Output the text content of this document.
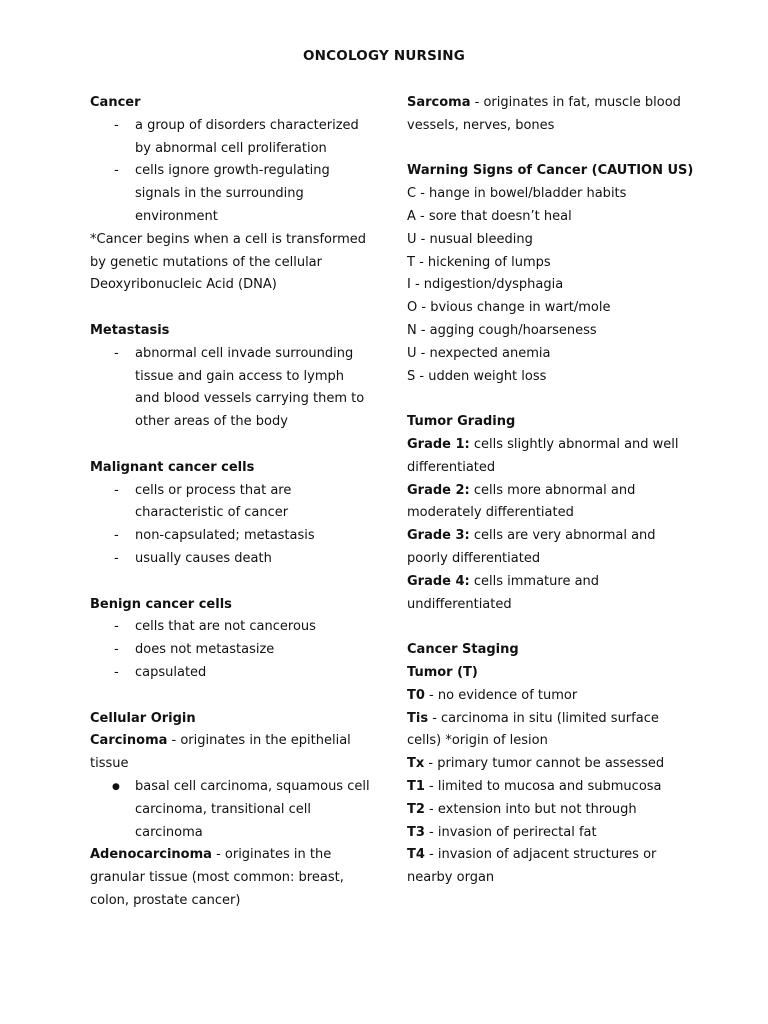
ONCOLOGY NURSING
Cancer
- a group of disorders characterized by abnormal cell proliferation
- cells ignore growth-regulating signals in the surrounding environment
*Cancer begins when a cell is transformed by genetic mutations of the cellular Deoxyribonucleic Acid (DNA)
Metastasis
- abnormal cell invade surrounding tissue and gain access to lymph and blood vessels carrying them to other areas of the body
Malignant cancer cells
- cells or process that are characteristic of cancer
- non-capsulated; metastasis
- usually causes death
Benign cancer cells
- cells that are not cancerous
- does not metastasize
- capsulated
Cellular Origin
Carcinoma - originates in the epithelial tissue
● basal cell carcinoma, squamous cell carcinoma, transitional cell carcinoma
Adenocarcinoma - originates in the granular tissue (most common: breast, colon, prostate cancer)
Sarcoma - originates in fat, muscle blood vessels, nerves, bones
Warning Signs of Cancer (CAUTION US)
C - hange in bowel/bladder habits
A - sore that doesn’t heal
U - nusual bleeding
T - hickening of lumps
I - ndigestion/dysphagia
O - bvious change in wart/mole
N - agging cough/hoarseness
U - nexpected anemia
S - udden weight loss
Tumor Grading
Grade 1: cells slightly abnormal and well differentiated
Grade 2: cells more abnormal and moderately differentiated
Grade 3: cells are very abnormal and poorly differentiated
Grade 4: cells immature and undifferentiated
Cancer Staging
Tumor (T)
T0 - no evidence of tumor
Tis - carcinoma in situ (limited surface cells) *origin of lesion
Tx - primary tumor cannot be assessed
T1 - limited to mucosa and submucosa
T2 - extension into but not through
T3 - invasion of perirectal fat
T4 - invasion of adjacent structures or nearby organ
